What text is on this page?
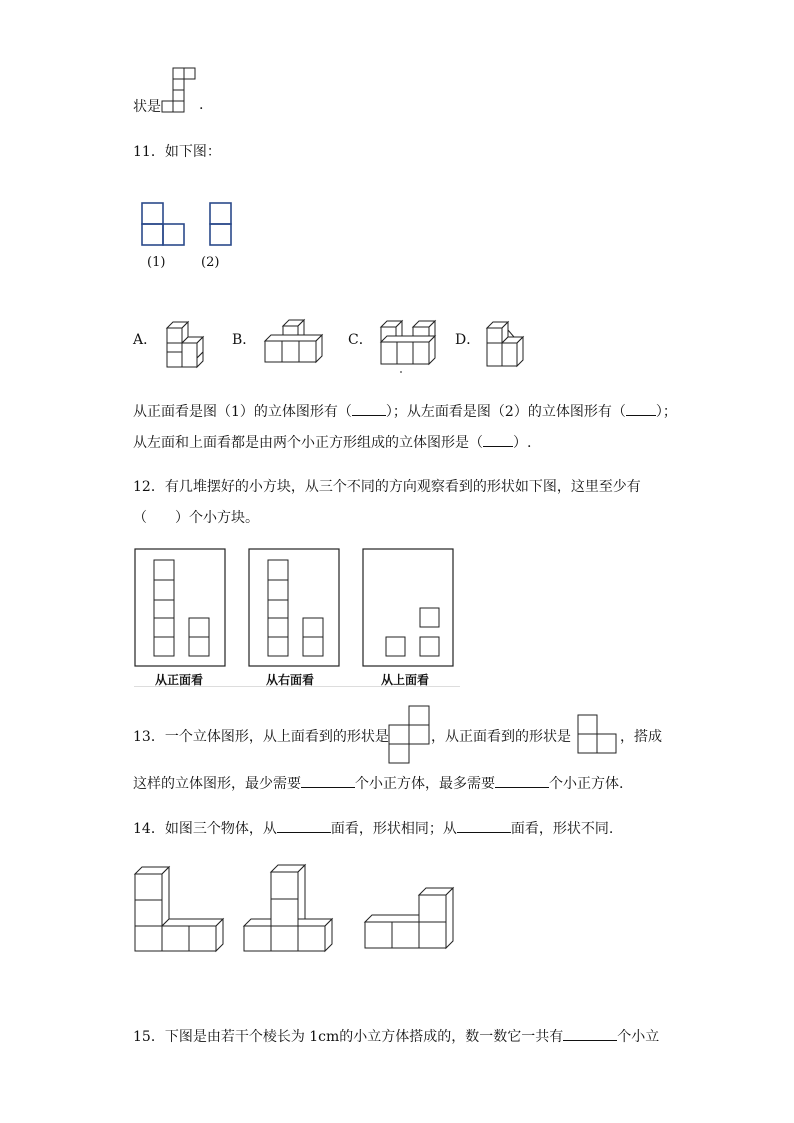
状是	.
11．如下图：
(1)	(2)
A．	B．	C．	D．
从正面看是图（1）的立体图形有（ ）；从左面看是图（2）的立体图形有（ ）；
从左面和上面看都是由两个小正方形组成的立体图形是（ ）.
12．有几堆摆好的小方块，从三个不同的方向观察看到的形状如下图，这里至少有
（　　）个小方块。
从正面看	从右面看	从上面看
13．一个立体图形，从上面看到的形状是	，从正面看到的形状是	，搭成
这样的立体图形，最少需要	个小正方体，最多需要	个小正方体.
14．如图三个物体，从	面看，形状相同；从	面看，形状不同.
15．下图是由若干个棱长为 1cm的小立方体搭成的，数一数它一共有	个小立
